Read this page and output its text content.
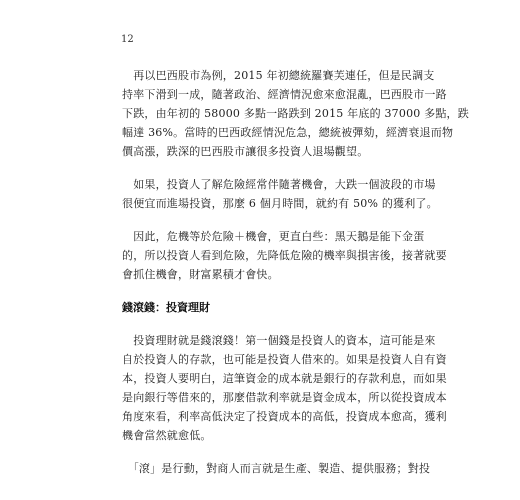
12

　再以巴西股市為例，2015 年初總統羅賽芙連任，但是民調支
持率下滑到一成，隨著政治、經濟情況愈來愈混亂，巴西股市一路
下跌，由年初的 58000 多點一路跌到 2015 年底的 37000 多點，跌
幅達 36%。當時的巴西政經情況危急，總統被彈劾，經濟衰退而物
價高漲，跌深的巴西股市讓很多投資人退場觀望。

　如果，投資人了解危險經常伴隨著機會，大跌一個波段的市場
很便宜而進場投資，那麼 6 個月時間，就約有 50% 的獲利了。

　因此，危機等於危險＋機會，更直白些：黑天鵝是能下金蛋
的，所以投資人看到危險，先降低危險的機率與損害後，接著就要
會抓住機會，財富累積才會快。

錢滾錢：投資理財

　投資理財就是錢滾錢！第一個錢是投資人的資本，這可能是來
自於投資人的存款，也可能是投資人借來的。如果是投資人自有資
本，投資人要明白，這筆資金的成本就是銀行的存款利息，而如果
是向銀行等借來的，那麼借款利率就是資金成本，所以從投資成本
角度來看，利率高低決定了投資成本的高低，投資成本愈高，獲利
機會當然就愈低。

　「滾」是行動，對商人而言就是生產、製造、提供服務；對投
